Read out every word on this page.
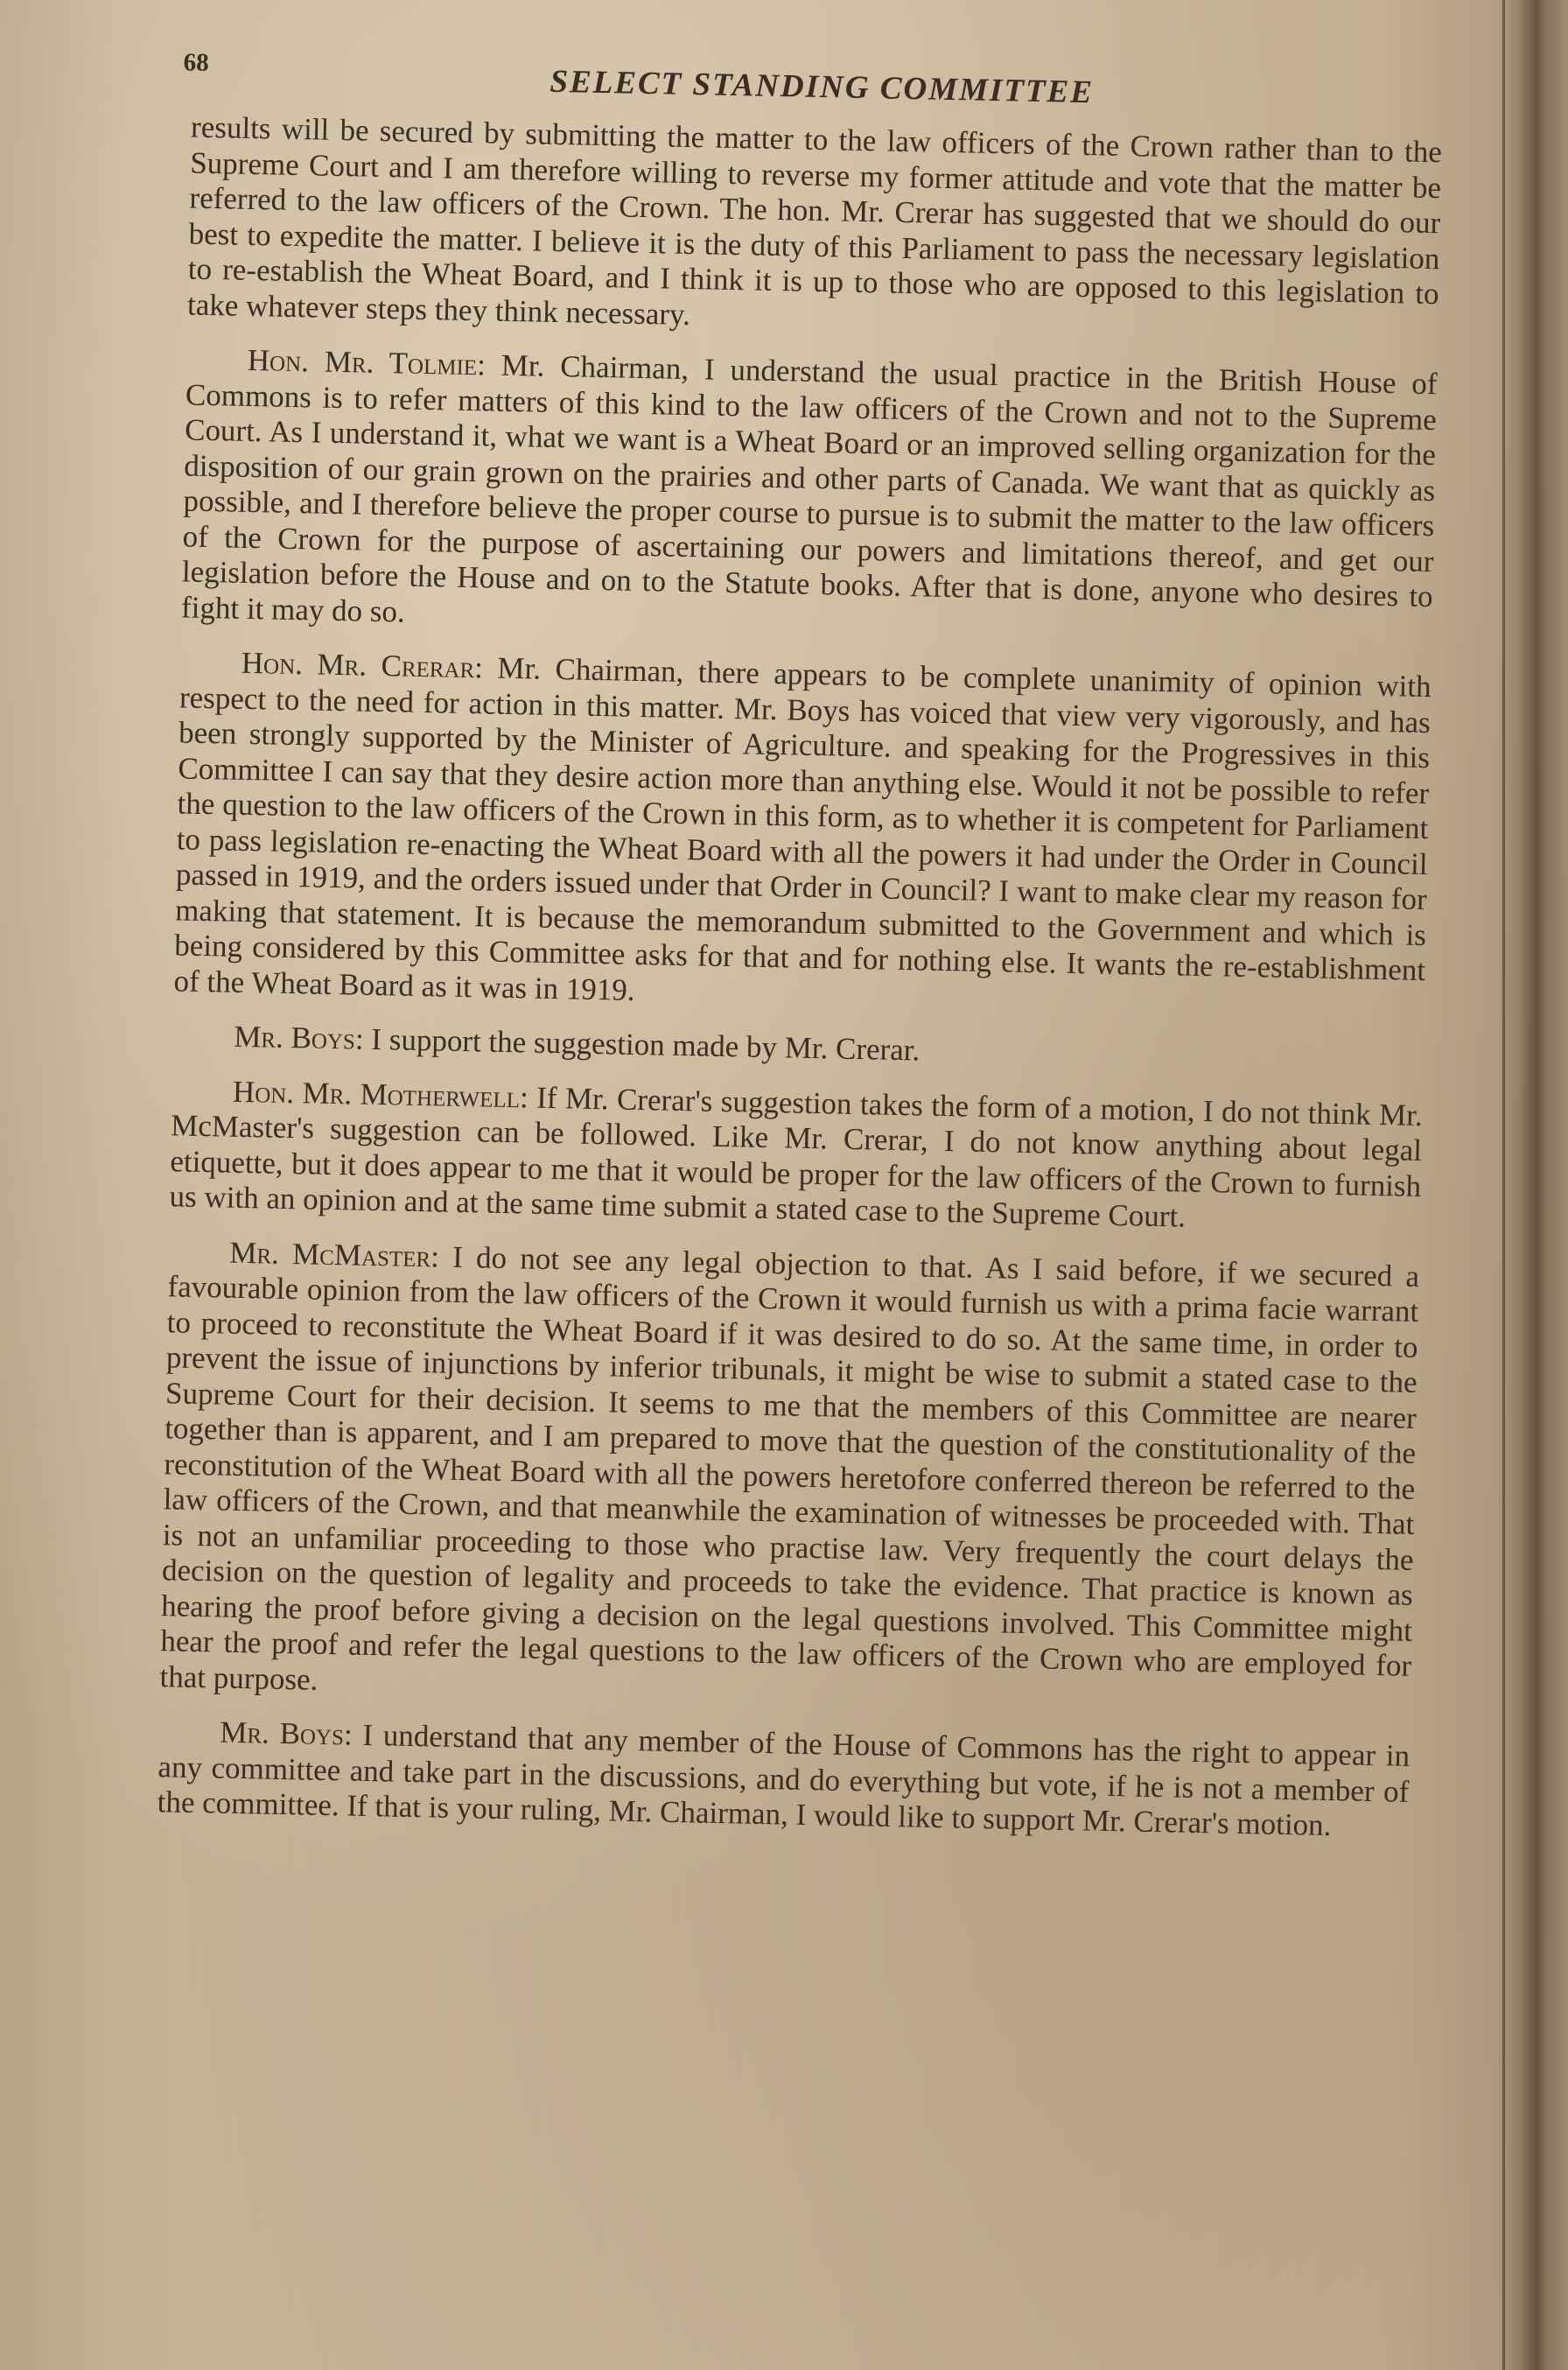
68
SELECT STANDING COMMITTEE

results will be secured by submitting the matter to the law officers of the Crown rather than to the Supreme Court and I am therefore willing to reverse my former attitude and vote that the matter be referred to the law officers of the Crown. The hon. Mr. Crerar has suggested that we should do our best to expedite the matter. I believe it is the duty of this Parliament to pass the necessary legislation to re-establish the Wheat Board, and I think it is up to those who are opposed to this legislation to take whatever steps they think necessary.

Hon. Mr. Tolmie: Mr. Chairman, I understand the usual practice in the British House of Commons is to refer matters of this kind to the law officers of the Crown and not to the Supreme Court. As I understand it, what we want is a Wheat Board or an improved selling organization for the disposition of our grain grown on the prairies and other parts of Canada. We want that as quickly as possible, and I therefore believe the proper course to pursue is to submit the matter to the law officers of the Crown for the purpose of ascertaining our powers and limitations thereof, and get our legislation before the House and on to the Statute books. After that is done, anyone who desires to fight it may do so.

Hon. Mr. Crerar: Mr. Chairman, there appears to be complete unanimity of opinion with respect to the need for action in this matter. Mr. Boys has voiced that view very vigorously, and has been strongly supported by the Minister of Agriculture. and speaking for the Progressives in this Committee I can say that they desire action more than anything else. Would it not be possible to refer the question to the law officers of the Crown in this form, as to whether it is competent for Parliament to pass legislation re-enacting the Wheat Board with all the powers it had under the Order in Council passed in 1919, and the orders issued under that Order in Council? I want to make clear my reason for making that statement. It is because the memorandum submitted to the Government and which is being considered by this Committee asks for that and for nothing else. It wants the re-establishment of the Wheat Board as it was in 1919.

Mr. Boys: I support the suggestion made by Mr. Crerar.

Hon. Mr. Motherwell: If Mr. Crerar's suggestion takes the form of a motion, I do not think Mr. McMaster's suggestion can be followed. Like Mr. Crerar, I do not know anything about legal etiquette, but it does appear to me that it would be proper for the law officers of the Crown to furnish us with an opinion and at the same time submit a stated case to the Supreme Court.

Mr. McMaster: I do not see any legal objection to that. As I said before, if we secured a favourable opinion from the law officers of the Crown it would furnish us with a prima facie warrant to proceed to reconstitute the Wheat Board if it was desired to do so. At the same time, in order to prevent the issue of injunctions by inferior tribunals, it might be wise to submit a stated case to the Supreme Court for their decision. It seems to me that the members of this Committee are nearer together than is apparent, and I am prepared to move that the question of the constitutionality of the reconstitution of the Wheat Board with all the powers heretofore conferred thereon be referred to the law officers of the Crown, and that meanwhile the examination of witnesses be proceeded with. That is not an unfamiliar proceeding to those who practise law. Very frequently the court delays the decision on the question of legality and proceeds to take the evidence. That practice is known as hearing the proof before giving a decision on the legal questions involved. This Committee might hear the proof and refer the legal questions to the law officers of the Crown who are employed for that purpose.

Mr. Boys: I understand that any member of the House of Commons has the right to appear in any committee and take part in the discussions, and do everything but vote, if he is not a member of the committee. If that is your ruling, Mr. Chairman, I would like to support Mr. Crerar's motion.
